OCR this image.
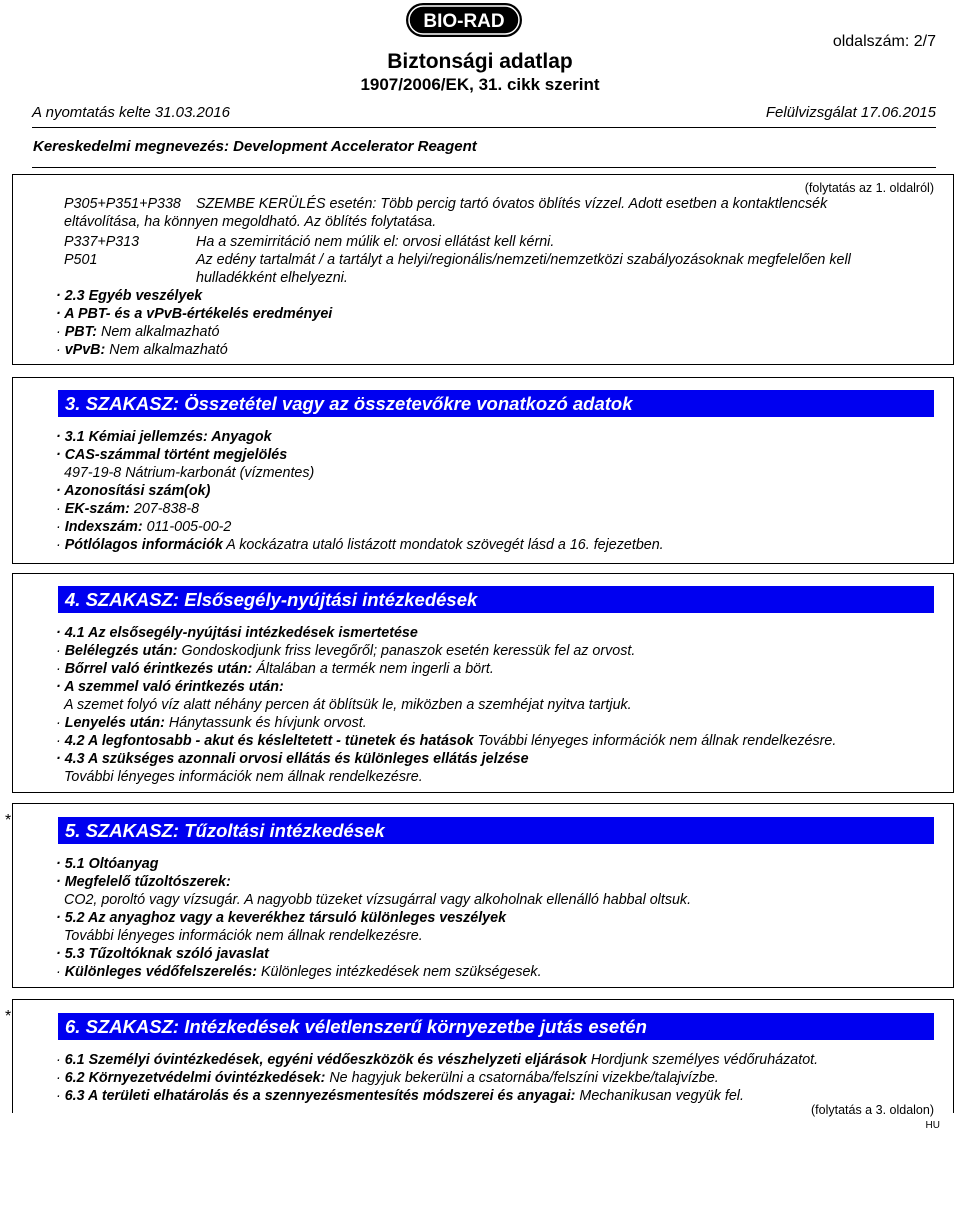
BIO-RAD
Biztonsági adatlap
1907/2006/EK, 31. cikk szerint
oldalszám: 2/7
A nyomtatás kelte 31.03.2016	Felülvizsgálat 17.06.2015
Kereskedelmi megnevezés: Development Accelerator Reagent
(folytatás az 1. oldalról)
P305+P351+P338 SZEMBE KERÜLÉS esetén: Több percig tartó óvatos öblítés vízzel. Adott esetben a kontaktlencsék
eltávolítása, ha könnyen megoldható. Az öblítés folytatása.
P337+P313	Ha a szemirritáció nem múlik el: orvosi ellátást kell kérni.
P501	Az edény tartalmát / a tartályt a helyi/regionális/nemzeti/nemzetközi szabályozásoknak megfelelően kell
hulladékként elhelyezni.
· 2.3 Egyéb veszélyek
· A PBT- és a vPvB-értékelés eredményei
· PBT: Nem alkalmazható
· vPvB: Nem alkalmazható
3. SZAKASZ: Összetétel vagy az összetevőkre vonatkozó adatok
· 3.1 Kémiai jellemzés: Anyagok
· CAS-számmal történt megjelölés
497-19-8 Nátrium-karbonát (vízmentes)
· Azonosítási szám(ok)
· EK-szám: 207-838-8
· Indexszám: 011-005-00-2
· Pótlólagos információk A kockázatra utaló listázott mondatok szövegét lásd a 16. fejezetben.
4. SZAKASZ: Elsősegély-nyújtási intézkedések
· 4.1 Az elsősegély-nyújtási intézkedések ismertetése
· Belélegzés után: Gondoskodjunk friss levegőről; panaszok esetén keressük fel az orvost.
· Bőrrel való érintkezés után: Általában a termék nem ingerli a bört.
· A szemmel való érintkezés után:
A szemet folyó víz alatt néhány percen át öblítsük le, miközben a szemhéjat nyitva tartjuk.
· Lenyelés után: Hánytassunk és hívjunk orvost.
· 4.2 A legfontosabb - akut és késleltetett - tünetek és hatások További lényeges információk nem állnak rendelkezésre.
· 4.3 A szükséges azonnali orvosi ellátás és különleges ellátás jelzése
További lényeges információk nem állnak rendelkezésre.
*	5. SZAKASZ: Tűzoltási intézkedések
· 5.1 Oltóanyag
· Megfelelő tűzoltószerek:
CO2, poroltó vagy vízsugár. A nagyobb tüzeket vízsugárral vagy alkoholnak ellenálló habbal oltsuk.
· 5.2 Az anyaghoz vagy a keverékhez társuló különleges veszélyek
További lényeges információk nem állnak rendelkezésre.
· 5.3 Tűzoltóknak szóló javaslat
· Különleges védőfelszerelés: Különleges intézkedések nem szükségesek.
*	6. SZAKASZ: Intézkedések véletlenszerű környezetbe jutás esetén
· 6.1 Személyi óvintézkedések, egyéni védőeszközök és vészhelyzeti eljárások Hordjunk személyes védőruházatot.
· 6.2 Környezetvédelmi óvintézkedések: Ne hagyjuk bekerülni a csatornába/felszíni vizekbe/talajvízbe.
· 6.3 A területi elhatárolás és a szennyezésmentesítés módszerei és anyagai: Mechanikusan vegyük fel.
(folytatás a 3. oldalon)
HU
